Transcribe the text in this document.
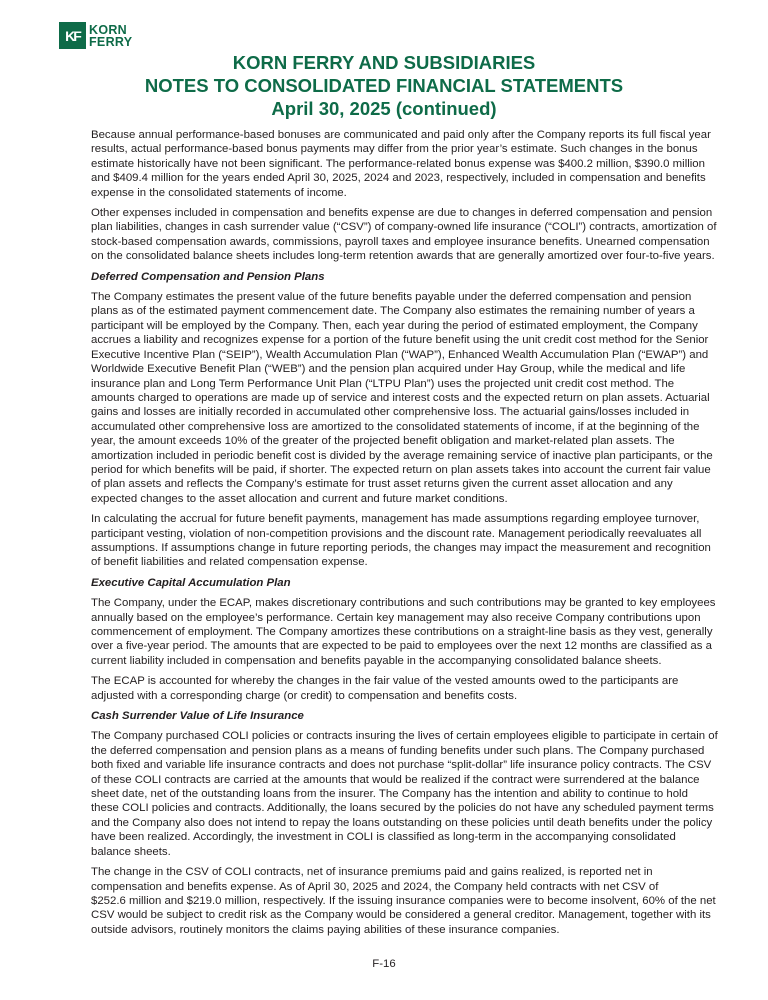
KF KORN
FERRY
KORN FERRY AND SUBSIDIARIES
NOTES TO CONSOLIDATED FINANCIAL STATEMENTS
April 30, 2025 (continued)
Because annual performance-based bonuses are communicated and paid only after the Company reports its full fiscal year
results, actual performance-based bonus payments may differ from the prior year’s estimate. Such changes in the bonus
estimate historically have not been significant. The performance-related bonus expense was $400.2 million, $390.0 million
and $409.4 million for the years ended April 30, 2025, 2024 and 2023, respectively, included in compensation and benefits
expense in the consolidated statements of income.
Other expenses included in compensation and benefits expense are due to changes in deferred compensation and pension
plan liabilities, changes in cash surrender value (“CSV”) of company-owned life insurance (“COLI”) contracts, amortization of
stock-based compensation awards, commissions, payroll taxes and employee insurance benefits. Unearned compensation
on the consolidated balance sheets includes long-term retention awards that are generally amortized over four-to-five years.
Deferred Compensation and Pension Plans
The Company estimates the present value of the future benefits payable under the deferred compensation and pension
plans as of the estimated payment commencement date. The Company also estimates the remaining number of years a
participant will be employed by the Company. Then, each year during the period of estimated employment, the Company
accrues a liability and recognizes expense for a portion of the future benefit using the unit credit cost method for the Senior
Executive Incentive Plan (“SEIP”), Wealth Accumulation Plan (“WAP”), Enhanced Wealth Accumulation Plan (“EWAP”) and
Worldwide Executive Benefit Plan (“WEB”) and the pension plan acquired under Hay Group, while the medical and life
insurance plan and Long Term Performance Unit Plan (“LTPU Plan”) uses the projected unit credit cost method. The
amounts charged to operations are made up of service and interest costs and the expected return on plan assets. Actuarial
gains and losses are initially recorded in accumulated other comprehensive loss. The actuarial gains/losses included in
accumulated other comprehensive loss are amortized to the consolidated statements of income, if at the beginning of the
year, the amount exceeds 10% of the greater of the projected benefit obligation and market-related plan assets. The
amortization included in periodic benefit cost is divided by the average remaining service of inactive plan participants, or the
period for which benefits will be paid, if shorter. The expected return on plan assets takes into account the current fair value
of plan assets and reflects the Company’s estimate for trust asset returns given the current asset allocation and any
expected changes to the asset allocation and current and future market conditions.
In calculating the accrual for future benefit payments, management has made assumptions regarding employee turnover,
participant vesting, violation of non-competition provisions and the discount rate. Management periodically reevaluates all
assumptions. If assumptions change in future reporting periods, the changes may impact the measurement and recognition
of benefit liabilities and related compensation expense.
Executive Capital Accumulation Plan
The Company, under the ECAP, makes discretionary contributions and such contributions may be granted to key employees
annually based on the employee’s performance. Certain key management may also receive Company contributions upon
commencement of employment. The Company amortizes these contributions on a straight-line basis as they vest, generally
over a five-year period. The amounts that are expected to be paid to employees over the next 12 months are classified as a
current liability included in compensation and benefits payable in the accompanying consolidated balance sheets.
The ECAP is accounted for whereby the changes in the fair value of the vested amounts owed to the participants are
adjusted with a corresponding charge (or credit) to compensation and benefits costs.
Cash Surrender Value of Life Insurance
The Company purchased COLI policies or contracts insuring the lives of certain employees eligible to participate in certain of
the deferred compensation and pension plans as a means of funding benefits under such plans. The Company purchased
both fixed and variable life insurance contracts and does not purchase “split-dollar” life insurance policy contracts. The CSV
of these COLI contracts are carried at the amounts that would be realized if the contract were surrendered at the balance
sheet date, net of the outstanding loans from the insurer. The Company has the intention and ability to continue to hold
these COLI policies and contracts. Additionally, the loans secured by the policies do not have any scheduled payment terms
and the Company also does not intend to repay the loans outstanding on these policies until death benefits under the policy
have been realized. Accordingly, the investment in COLI is classified as long-term in the accompanying consolidated
balance sheets.
The change in the CSV of COLI contracts, net of insurance premiums paid and gains realized, is reported net in
compensation and benefits expense. As of April 30, 2025 and 2024, the Company held contracts with net CSV of
$252.6 million and $219.0 million, respectively. If the issuing insurance companies were to become insolvent, 60% of the net
CSV would be subject to credit risk as the Company would be considered a general creditor. Management, together with its
outside advisors, routinely monitors the claims paying abilities of these insurance companies.
F-16
